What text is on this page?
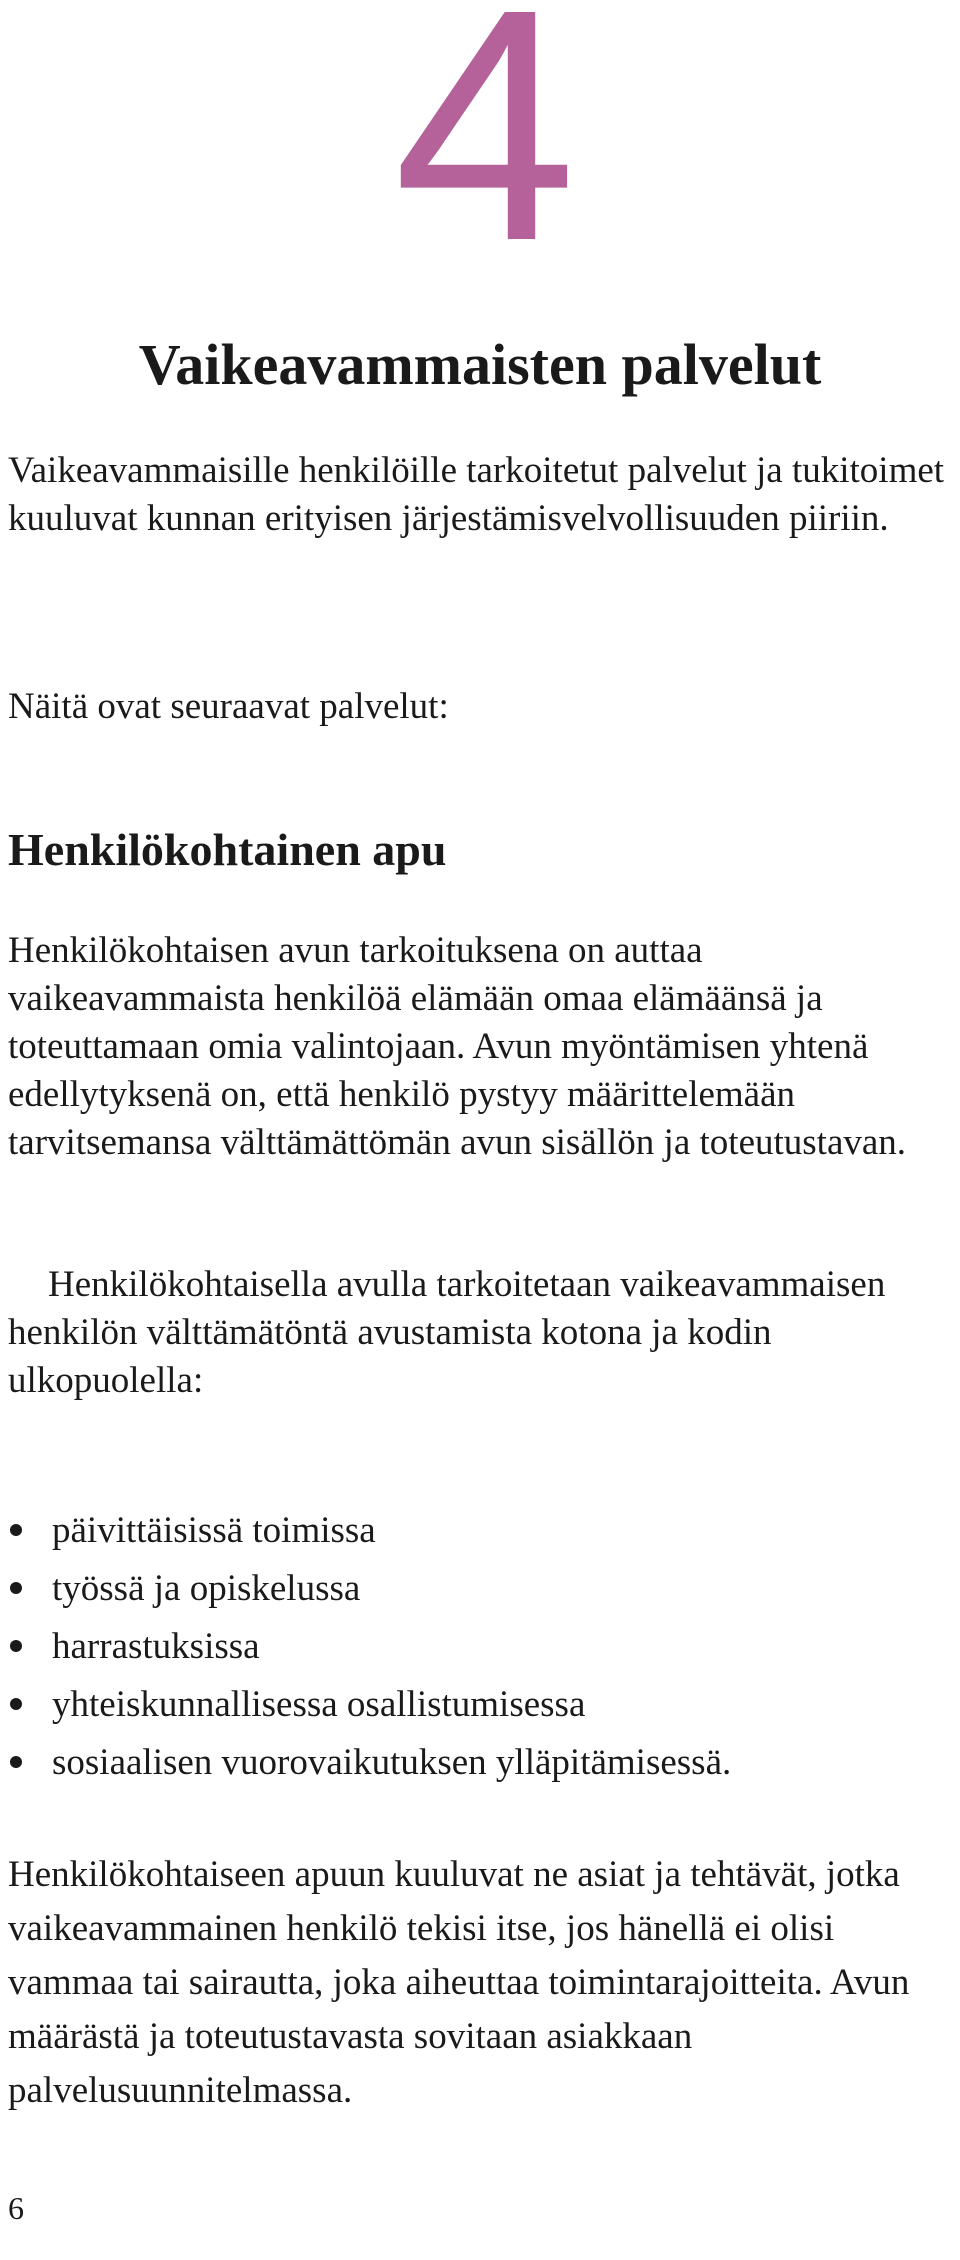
4
Vaikeavammaisten palvelut

Vaikeavammaisille henkilöille tarkoitetut palvelut ja tukitoimet kuuluvat kunnan erityisen järjestämisvelvollisuuden piiriin.

Näitä ovat seuraavat palvelut:

Henkilökohtainen apu

Henkilökohtaisen avun tarkoituksena on auttaa vaikeavammaista henkilöä elämään omaa elämäänsä ja toteuttamaan omia valintojaan. Avun myöntämisen yhtenä edellytyksenä on, että henkilö pystyy määrittelemään tarvitsemansa välttämättömän avun sisällön ja toteutustavan.

Henkilökohtaisella avulla tarkoitetaan vaikeavammaisen henkilön välttämätöntä avustamista kotona ja kodin ulkopuolella:

päivittäisissä toimissa
työssä ja opiskelussa
harrastuksissa
yhteiskunnallisessa osallistumisessa
sosiaalisen vuorovaikutuksen ylläpitämisessä.

Henkilökohtaiseen apuun kuuluvat ne asiat ja tehtävät, jotka vaikeavammainen henkilö tekisi itse, jos hänellä ei olisi vammaa tai sairautta, joka aiheuttaa toimintarajoitteita. Avun määrästä ja toteutustavasta sovitaan asiakkaan palvelusuunnitelmassa.

6
